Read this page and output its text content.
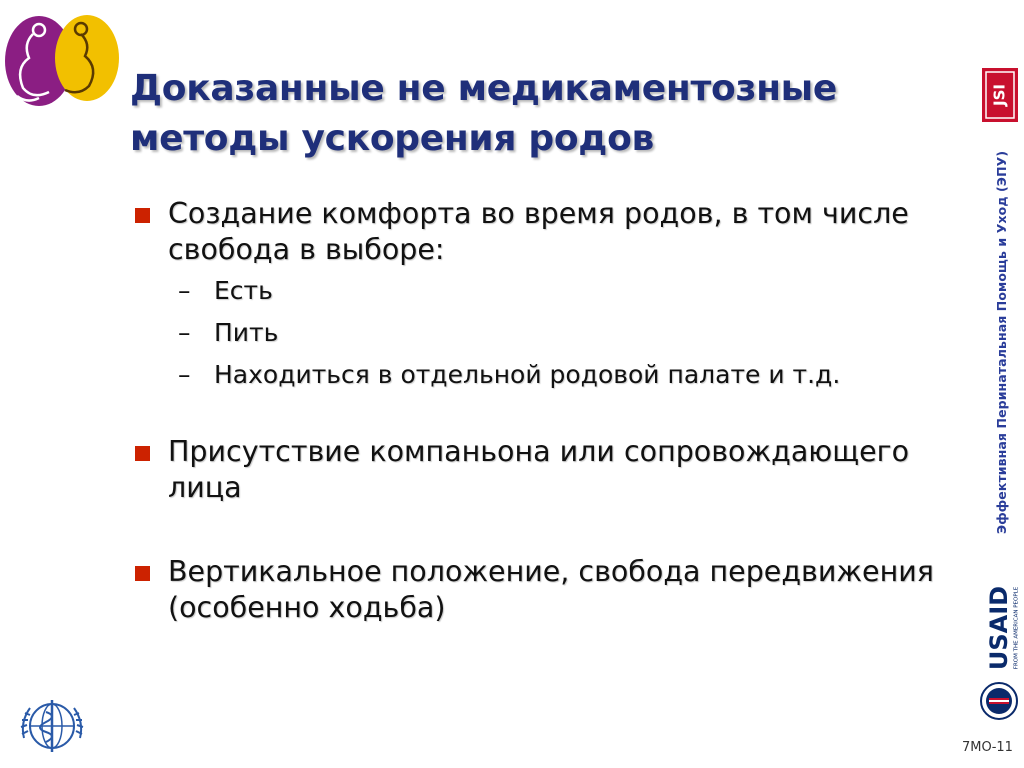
Доказанные не медикаментозные методы ускорения родов
Создание комфорта во время родов, в том числе свобода в выборе:
– Есть
– Пить
– Находиться в отдельной родовой палате и т.д.
Присутствие компаньона или сопровождающего лица
Вертикальное положение, свобода передвижения (особенно ходьба)
JSI
Эффективная Перинатальная Помощь и Уход (ЭПУ)
USAID FROM THE AMERICAN PEOPLE
7МО-11
